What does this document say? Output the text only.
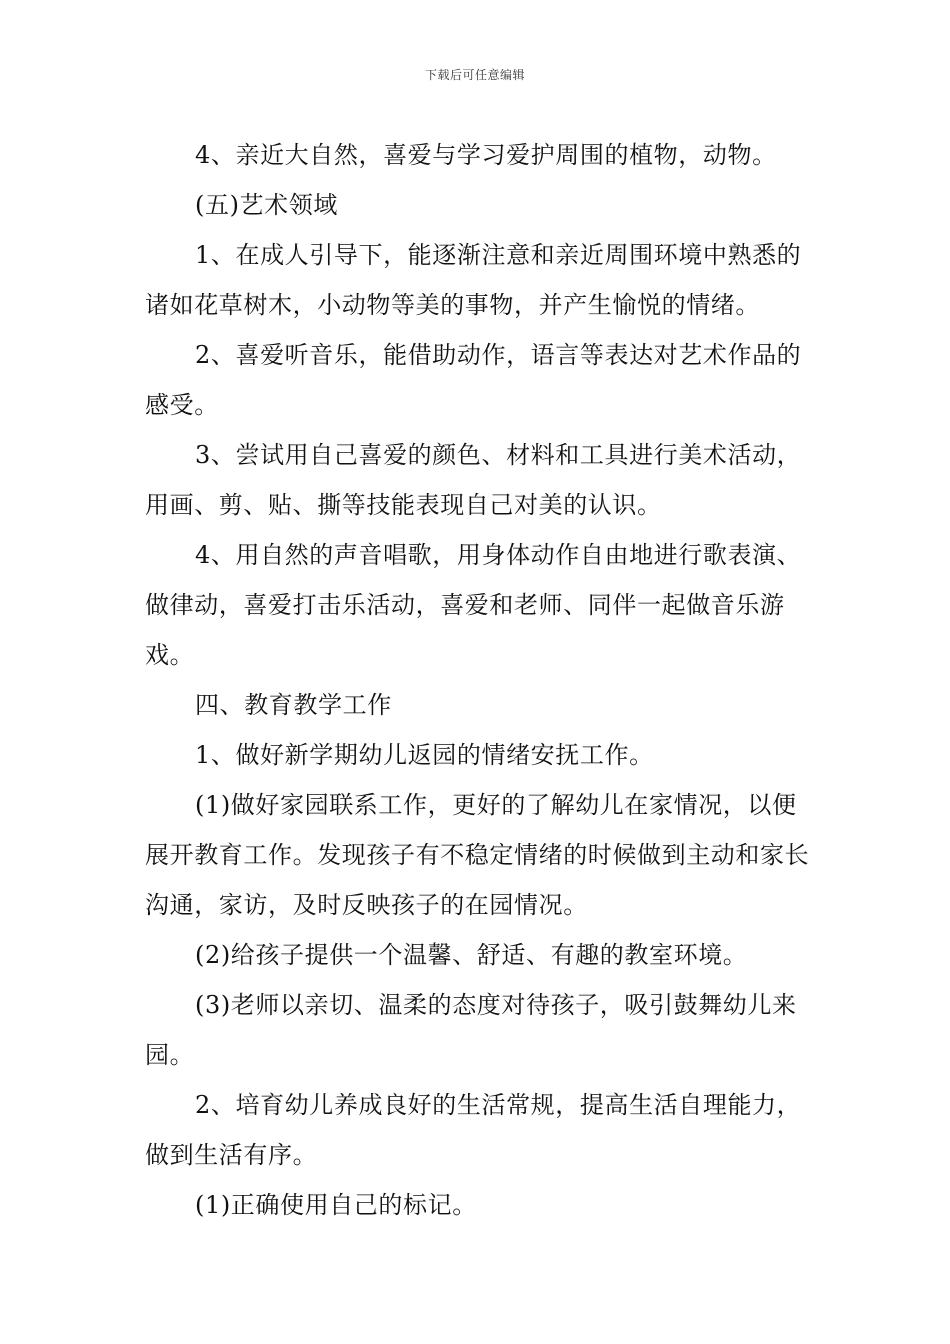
下载后可任意编辑

4、亲近大自然，喜爱与学习爱护周围的植物，动物。

(五)艺术领域

1、在成人引导下，能逐渐注意和亲近周围环境中熟悉的诸如花草树木，小动物等美的事物，并产生愉悦的情绪。

2、喜爱听音乐，能借助动作，语言等表达对艺术作品的感受。

3、尝试用自己喜爱的颜色、材料和工具进行美术活动，用画、剪、贴、撕等技能表现自己对美的认识。

4、用自然的声音唱歌，用身体动作自由地进行歌表演、做律动，喜爱打击乐活动，喜爱和老师、同伴一起做音乐游戏。

四、教育教学工作

1、做好新学期幼儿返园的情绪安抚工作。

(1)做好家园联系工作，更好的了解幼儿在家情况，以便展开教育工作。发现孩子有不稳定情绪的时候做到主动和家长沟通，家访，及时反映孩子的在园情况。

(2)给孩子提供一个温馨、舒适、有趣的教室环境。

(3)老师以亲切、温柔的态度对待孩子，吸引鼓舞幼儿来园。

2、培育幼儿养成良好的生活常规，提高生活自理能力，做到生活有序。

(1)正确使用自己的标记。
